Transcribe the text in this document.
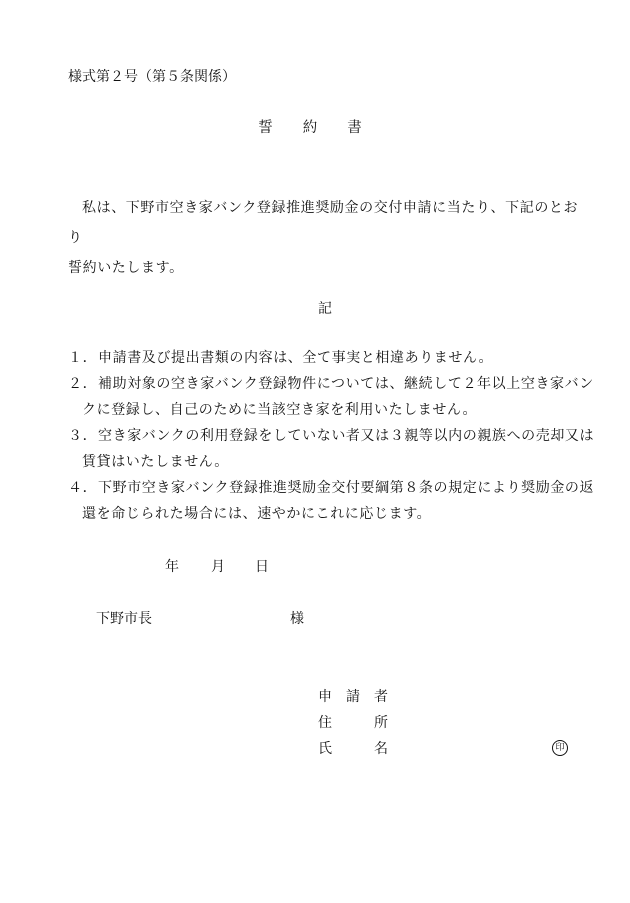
様式第２号（第５条関係）
誓約書

私は、下野市空き家バンク登録推進奨励金の交付申請に当たり、下記のとおり

誓約いたします。

記
１． 申請書及び提出書類の内容は、全て事実と相違ありません。
２． 補助対象の空き家バンク登録物件については、継続して２年以上空き家バン
クに登録し、自己のために当該空き家を利用いたしません。
３． 空き家バンクの利用登録をしていない者又は３親等以内の親族への売却又は
賃貸はいたしません。
４． 下野市空き家バンク登録推進奨励金交付要綱第８条の規定により奨励金の返
還を命じられた場合には、速やかにこれに応じます。
年 月 日
下野市長	様
申　請　者
住　　　所
氏　　　名	印
